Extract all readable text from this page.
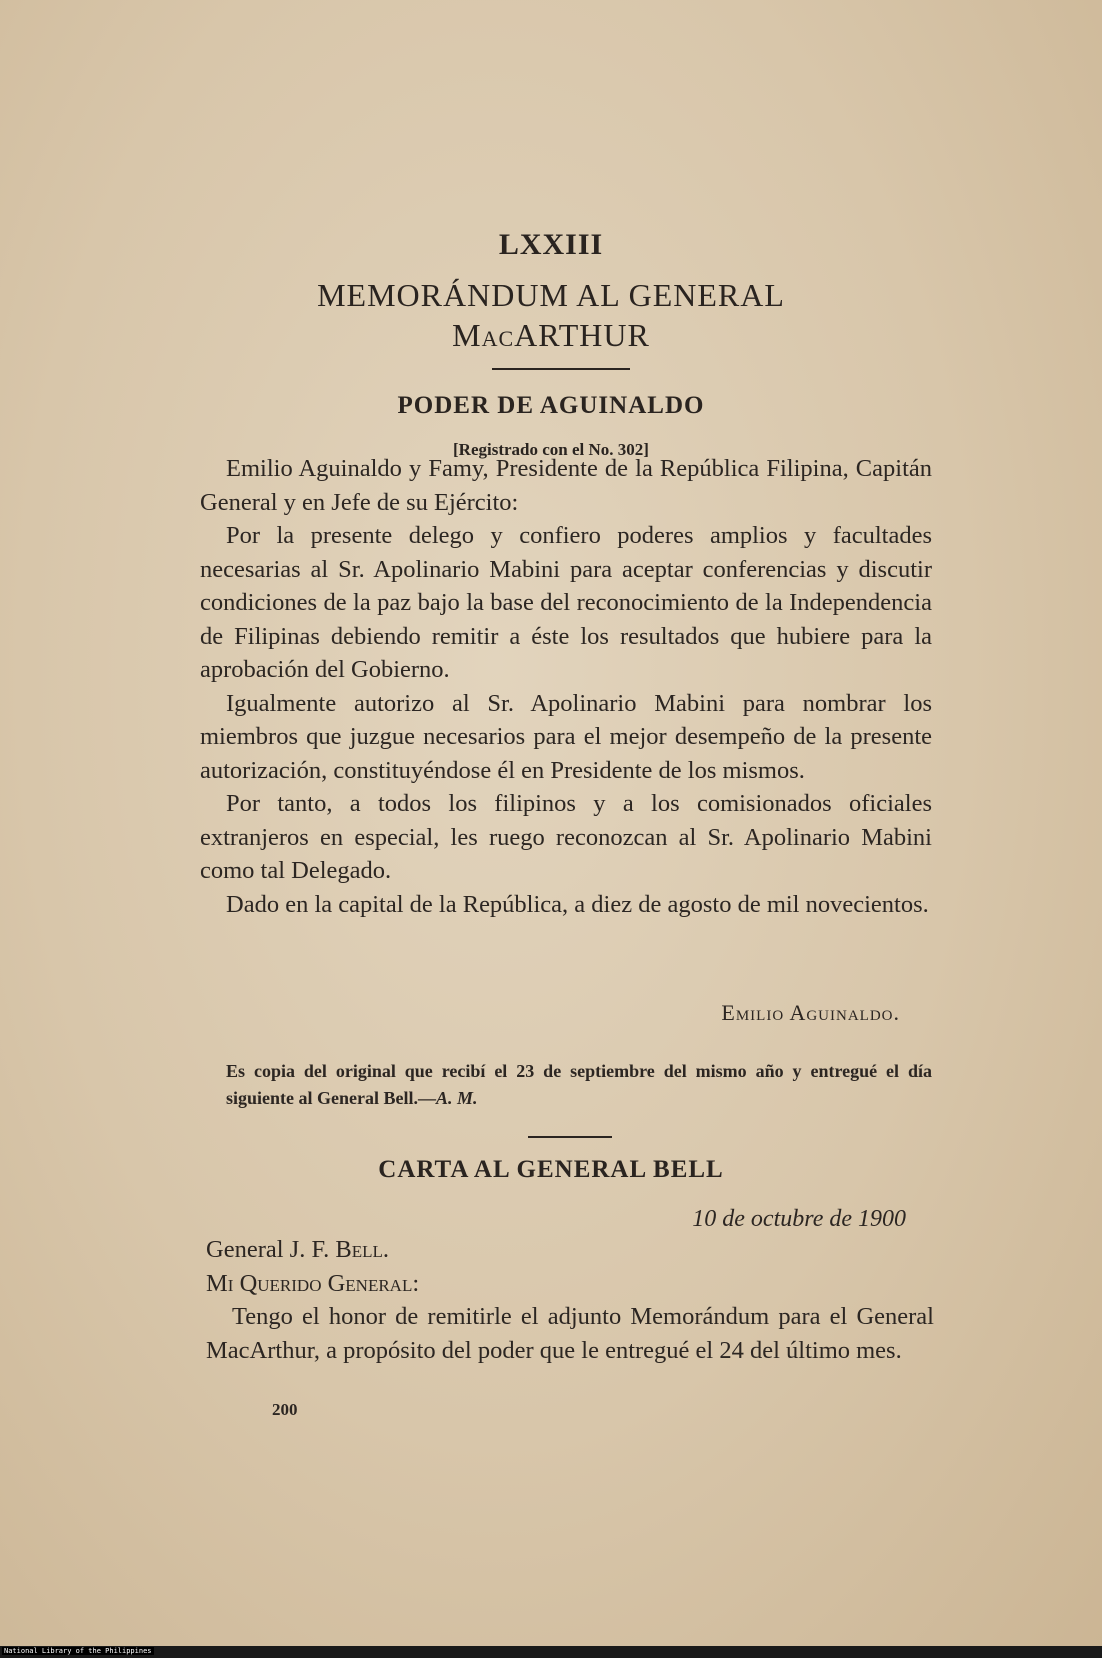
LXXIII
MEMORÁNDUM AL GENERAL
MacARTHUR
PODER DE AGUINALDO
[Registrado con el No. 302]

Emilio Aguinaldo y Famy, Presidente de la República Filipina, Capitán General y en Jefe de su Ejército:

Por la presente delego y confiero poderes amplios y facultades necesarias al Sr. Apolinario Mabini para aceptar conferencias y discutir condiciones de la paz bajo la base del reconocimiento de la Independencia de Filipinas debiendo remitir a éste los resultados que hubiere para la aprobación del Gobierno.

Igualmente autorizo al Sr. Apolinario Mabini para nombrar los miembros que juzgue necesarios para el mejor desempeño de la presente autorización, constituyéndose él en Presidente de los mismos.

Por tanto, a todos los filipinos y a los comisionados oficiales extranjeros en especial, les ruego reconozcan al Sr. Apolinario Mabini como tal Delegado.

Dado en la capital de la República, a diez de agosto de mil novecientos.

Emilio Aguinaldo.

Es copia del original que recibí el 23 de septiembre del mismo año y entregué el día siguiente al General Bell.—A. M.

CARTA AL GENERAL BELL
10 de octubre de 1900

General J. F. Bell.

Mi Querido General:

Tengo el honor de remitirle el adjunto Memorándum para el General MacArthur, a propósito del poder que le entregué el 24 del último mes.

200
National Library of the Philippines
